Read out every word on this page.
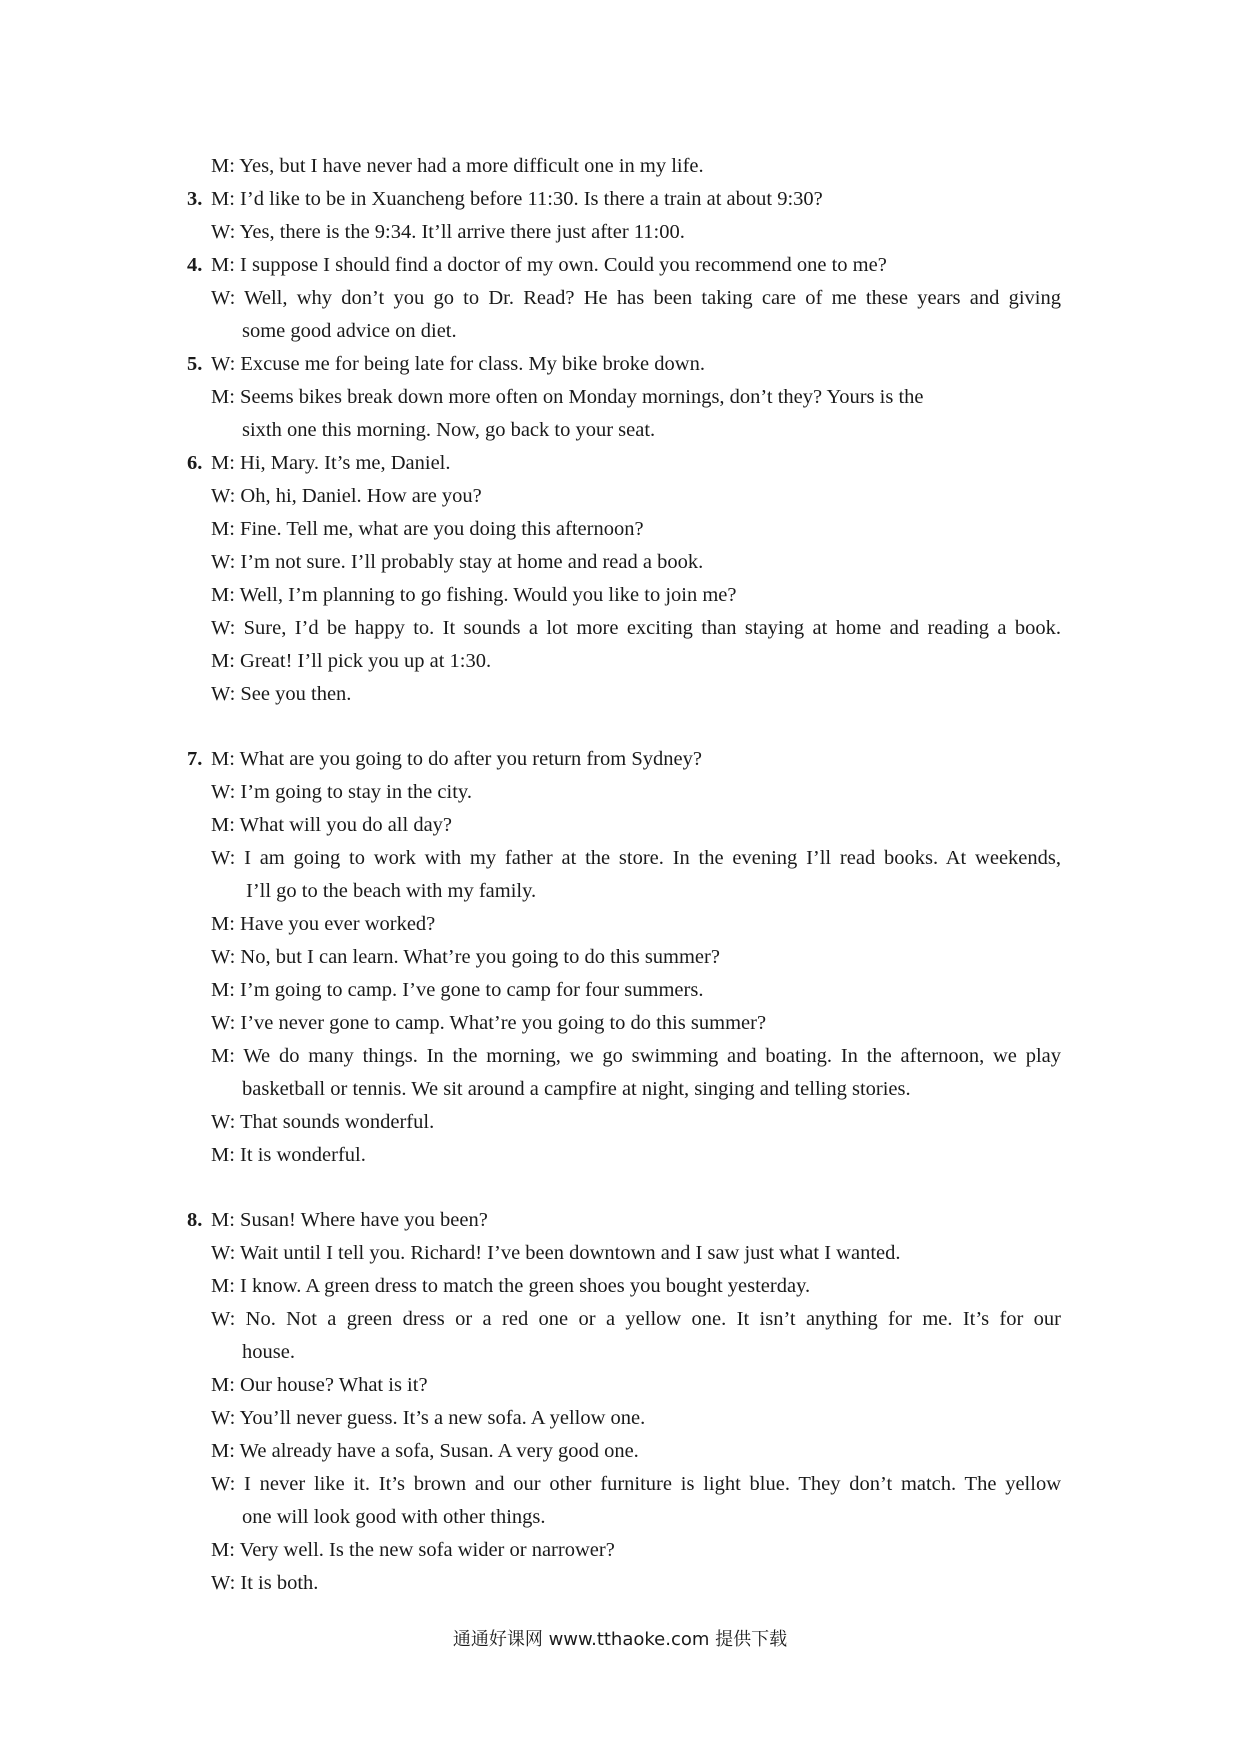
M: Yes, but I have never had a more difficult one in my life.
3. M: I’d like to be in Xuancheng before 11:30. Is there a train at about 9:30?
W: Yes, there is the 9:34. It’ll arrive there just after 11:00.
4. M: I suppose I should find a doctor of my own. Could you recommend one to me?
W: Well, why don’t you go to Dr. Read? He has been taking care of me these years and giving
some good advice on diet.
5. W: Excuse me for being late for class. My bike broke down.
M: Seems bikes break down more often on Monday mornings, don’t they? Yours is the
sixth one this morning. Now, go back to your seat.
6. M: Hi, Mary. It’s me, Daniel.
W: Oh, hi, Daniel. How are you?
M: Fine. Tell me, what are you doing this afternoon?
W: I’m not sure. I’ll probably stay at home and read a book.
M: Well, I’m planning to go fishing. Would you like to join me?
W: Sure, I’d be happy to. It sounds a lot more exciting than staying at home and reading a book.
M: Great! I’ll pick you up at 1:30.
W: See you then.
7. M: What are you going to do after you return from Sydney?
W: I’m going to stay in the city.
M: What will you do all day?
W: I am going to work with my father at the store. In the evening I’ll read books. At weekends,
I’ll go to the beach with my family.
M: Have you ever worked?
W: No, but I can learn. What’re you going to do this summer?
M: I’m going to camp. I’ve gone to camp for four summers.
W: I’ve never gone to camp. What’re you going to do this summer?
M: We do many things. In the morning, we go swimming and boating. In the afternoon, we play
basketball or tennis. We sit around a campfire at night, singing and telling stories.
W: That sounds wonderful.
M: It is wonderful.
8. M: Susan! Where have you been?
W: Wait until I tell you. Richard! I’ve been downtown and I saw just what I wanted.
M: I know. A green dress to match the green shoes you bought yesterday.
W: No. Not a green dress or a red one or a yellow one. It isn’t anything for me. It’s for our
house.
M: Our house? What is it?
W: You’ll never guess. It’s a new sofa. A yellow one.
M: We already have a sofa, Susan. A very good one.
W: I never like it. It’s brown and our other furniture is light blue. They don’t match. The yellow
one will look good with other things.
M: Very well. Is the new sofa wider or narrower?
W: It is both.
通通好课网 www.tthaoke.com 提供下载
